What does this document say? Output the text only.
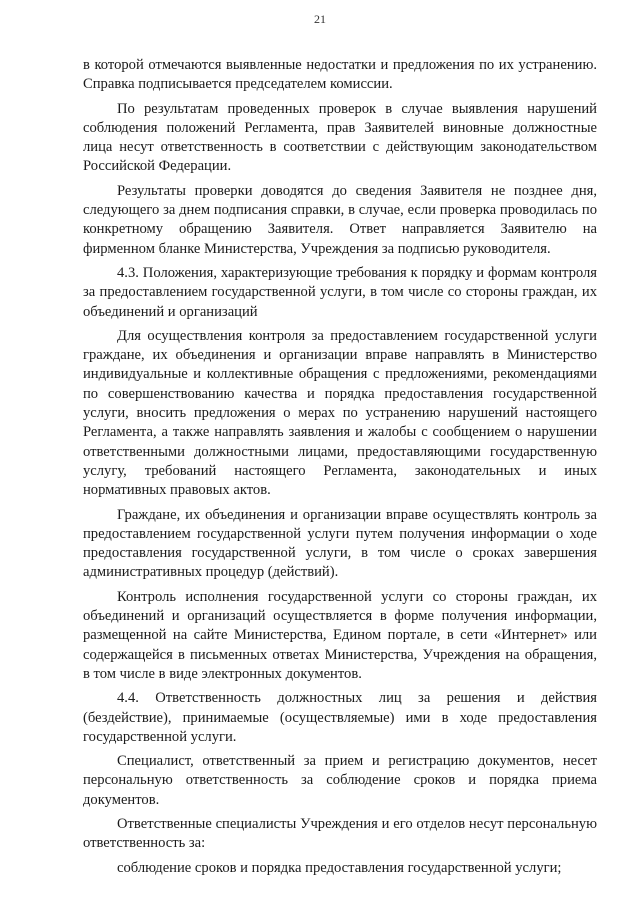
21

в которой отмечаются выявленные недостатки и предложения по их устранению. Справка подписывается председателем комиссии.

По результатам проведенных проверок в случае выявления нарушений соблюдения положений Регламента, прав Заявителей виновные должностные лица несут ответственность в соответствии с действующим законодательством Российской Федерации.

Результаты проверки доводятся до сведения Заявителя не позднее дня, следующего за днем подписания справки, в случае, если проверка проводилась по конкретному обращению Заявителя. Ответ направляется Заявителю на фирменном бланке Министерства, Учреждения за подписью руководителя.

4.3. Положения, характеризующие требования к порядку и формам контроля за предоставлением государственной услуги, в том числе со стороны граждан, их объединений и организаций

Для осуществления контроля за предоставлением государственной услуги граждане, их объединения и организации вправе направлять в Министерство индивидуальные и коллективные обращения с предложениями, рекомендациями по совершенствованию качества и порядка предоставления государственной услуги, вносить предложения о мерах по устранению нарушений настоящего Регламента, а также направлять заявления и жалобы с сообщением о нарушении ответственными должностными лицами, предоставляющими государственную услугу, требований настоящего Регламента, законодательных и иных нормативных правовых актов.

Граждане, их объединения и организации вправе осуществлять контроль за предоставлением государственной услуги путем получения информации о ходе предоставления государственной услуги, в том числе о сроках завершения административных процедур (действий).

Контроль исполнения государственной услуги со стороны граждан, их объединений и организаций осуществляется в форме получения информации, размещенной на сайте Министерства, Едином портале, в сети «Интернет» или содержащейся в письменных ответах Министерства, Учреждения на обращения, в том числе в виде электронных документов.

4.4. Ответственность должностных лиц за решения и действия (бездействие), принимаемые (осуществляемые) ими в ходе предоставления государственной услуги.

Специалист, ответственный за прием и регистрацию документов, несет персональную ответственность за соблюдение сроков и порядка приема документов.

Ответственные специалисты Учреждения и его отделов несут персональную ответственность за:

соблюдение сроков и порядка предоставления государственной услуги;
